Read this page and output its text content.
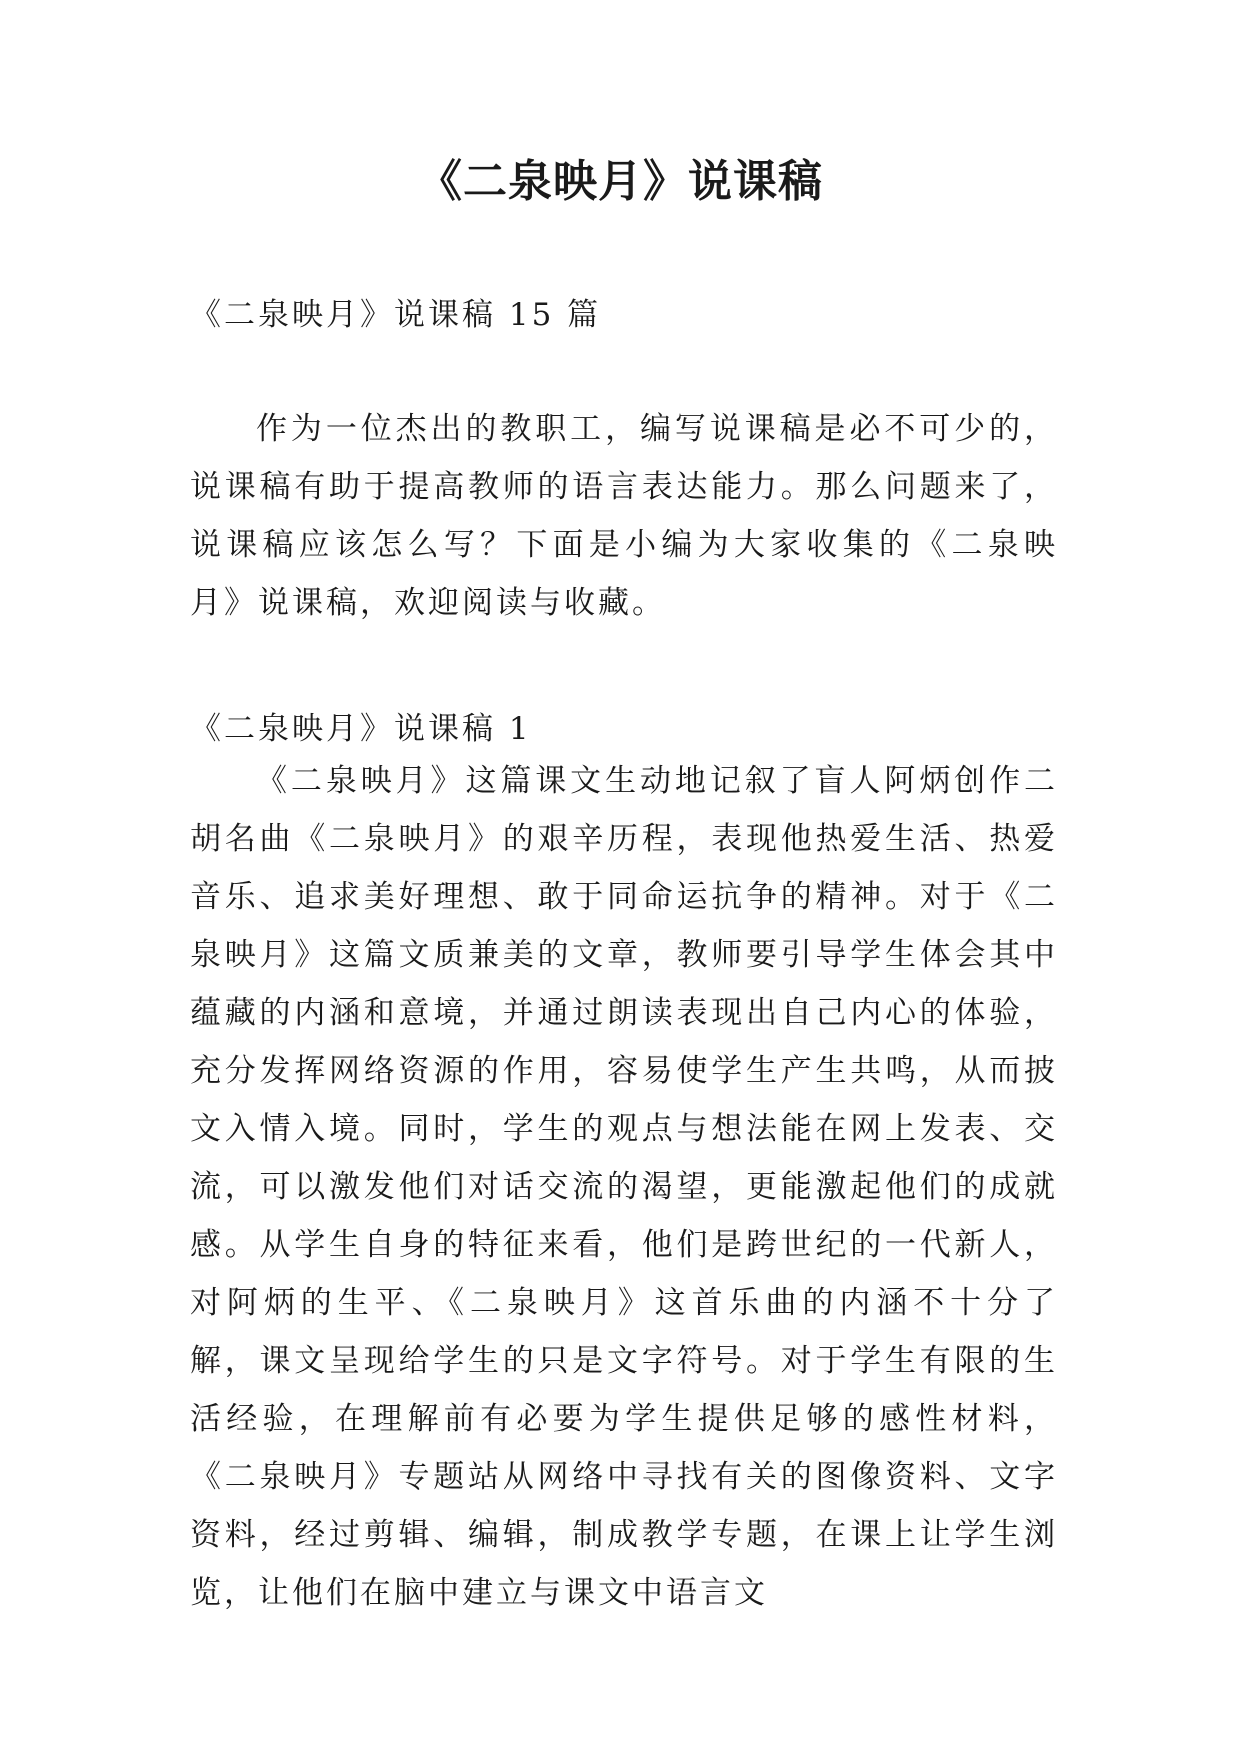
《二泉映月》说课稿

《二泉映月》说课稿 15 篇

作为一位杰出的教职工，编写说课稿是必不可少的，说课稿有助于提高教师的语言表达能力。那么问题来了，说课稿应该怎么写？下面是小编为大家收集的《二泉映月》说课稿，欢迎阅读与收藏。

《二泉映月》说课稿 1

《二泉映月》这篇课文生动地记叙了盲人阿炳创作二胡名曲《二泉映月》的艰辛历程，表现他热爱生活、热爱音乐、追求美好理想、敢于同命运抗争的精神。对于《二泉映月》这篇文质兼美的文章，教师要引导学生体会其中蕴藏的内涵和意境，并通过朗读表现出自己内心的体验，充分发挥网络资源的作用，容易使学生产生共鸣，从而披文入情入境。同时，学生的观点与想法能在网上发表、交流，可以激发他们对话交流的渴望，更能激起他们的成就感。从学生自身的特征来看，他们是跨世纪的一代新人，对阿炳的生平、《二泉映月》这首乐曲的内涵不十分了解，课文呈现给学生的只是文字符号。对于学生有限的生活经验，在理解前有必要为学生提供足够的感性材料，《二泉映月》专题站从网络中寻找有关的图像资料、文字资料，经过剪辑、编辑，制成教学专题，在课上让学生浏览，让他们在脑中建立与课文中语言文
